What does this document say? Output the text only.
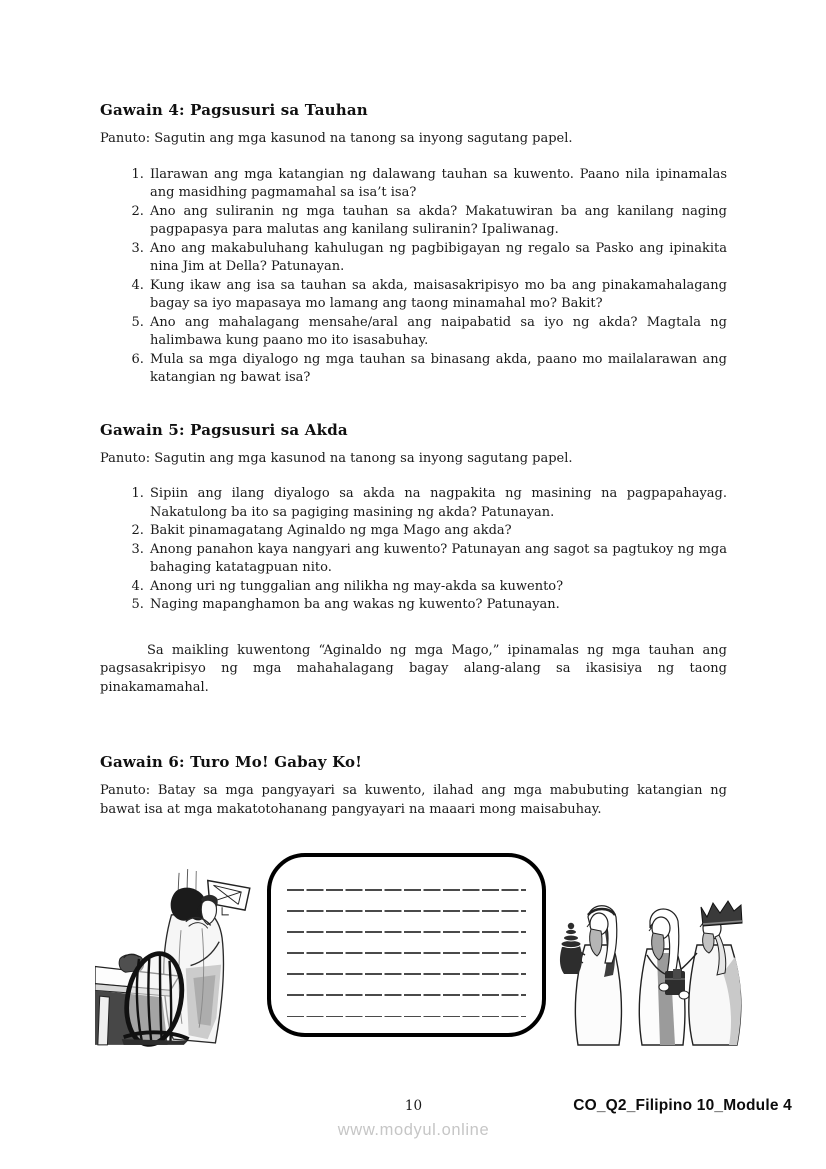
Gawain 4: Pagsusuri sa Tauhan

Panuto: Sagutin ang mga kasunod na tanong sa inyong sagutang papel.

1. Ilarawan ang mga katangian ng dalawang tauhan sa kuwento. Paano nila ipinamalas ang masidhing pagmamahal sa isa’t isa?
2. Ano ang suliranin ng mga tauhan sa akda? Makatuwiran ba ang kanilang naging pagpapasya para malutas ang kanilang suliranin? Ipaliwanag.
3. Ano ang makabuluhang kahulugan ng pagbibigayan ng regalo sa Pasko ang ipinakita nina Jim at Della? Patunayan.
4. Kung ikaw ang isa sa tauhan sa akda, maisasakripisyo mo ba ang pinakamahalagang bagay sa iyo mapasaya mo lamang ang taong minamahal mo? Bakit?
5. Ano ang mahalagang mensahe/aral ang naipabatid sa iyo ng akda? Magtala ng halimbawa kung paano mo ito isasabuhay.
6. Mula sa mga diyalogo ng mga tauhan sa binasang akda, paano mo mailalarawan ang katangian ng bawat isa?
Gawain 5: Pagsusuri sa Akda

Panuto: Sagutin ang mga kasunod na tanong sa inyong sagutang papel.

1. Sipiin ang ilang diyalogo sa akda na nagpakita ng masining na pagpapahayag. Nakatulong ba ito sa pagiging masining ng akda? Patunayan.
2. Bakit pinamagatang Aginaldo ng mga Mago ang akda?
3. Anong panahon kaya nangyari ang kuwento? Patunayan ang sagot sa pagtukoy ng mga bahaging katatagpuan nito.
4. Anong uri ng tunggalian ang nilikha ng may-akda sa kuwento?
5. Naging mapanghamon ba ang wakas ng kuwento? Patunayan.

Sa maikling kuwentong “Aginaldo ng mga Mago,” ipinamalas ng mga tauhan ang pagsasakripisyo ng mga mahahalagang bagay alang-alang sa ikasisiya ng taong pinakamamahal.

Gawain 6: Turo Mo! Gabay Ko!

Panuto: Batay sa mga pangyayari sa kuwento, ilahad ang mga mabubuting katangian ng bawat isa at mga makatotohanang pangyayari na maaari mong maisabuhay.

10	CO_Q2_Filipino 10_Module 4
www.modyul.online
